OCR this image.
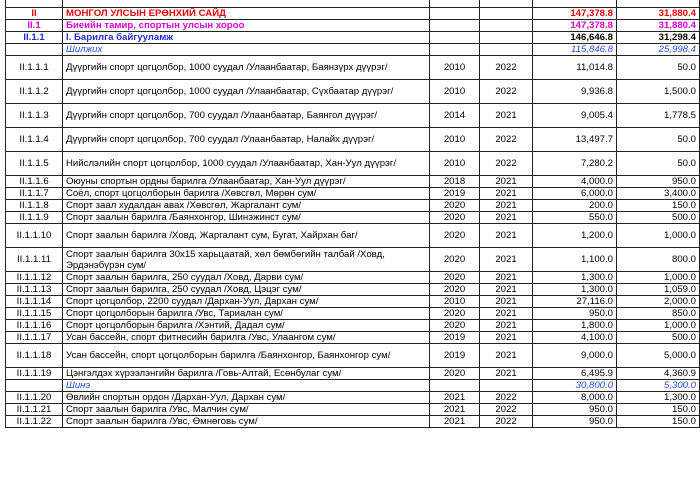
II	МОНГОЛ УЛСЫН ЕРӨНХИЙ САЙД			147,378.8	31,880.4
II.1	Биеийн тамир, спортын улсын хороо			147,378.8	31,880.4
II.1.1	I. Барилга байгууламж			146,646.8	31,298.4
	Шилжих			115,846.8	25,998.4
II.1.1.1	Дүүргийн спорт цогцолбор, 1000 суудал /Улаанбаатар, Баянзүрх дүүрэг/	2010	2022	11,014.8	50.0
II.1.1.2	Дүүргийн спорт цогцолбор, 1000 суудал /Улаанбаатар, Сүхбаатар дүүрэг/	2010	2022	9,936.8	1,500.0
II.1.1.3	Дүүргийн спорт цогцолбор, 700 суудал /Улаанбаатар, Баянгол дүүрэг/	2014	2021	9,005.4	1,778.5
II.1.1.4	Дүүргийн спорт цогцолбор, 700 суудал /Улаанбаатар, Налайх дүүрэг/	2010	2022	13,497.7	50.0
II.1.1.5	Нийслэлийн спорт цогцолбор, 1000 суудал /Улаанбаатар, Хан-Уул дүүрэг/	2010	2022	7,280.2	50.0
II.1.1.6	Оюуны спортын ордны барилга /Улаанбаатар, Хан-Уул дүүрэг/	2018	2021	4,000.0	950.0
II.1.1.7	Соёл, спорт цогцолборын барилга /Хөвсгөл, Мөрөн сум/	2019	2021	6,000.0	3,400.0
II.1.1.8	Спорт заал худалдан авах /Хөвсгөл, Жаргалант сум/	2020	2021	200.0	150.0
II.1.1.9	Спорт заалын барилга /Баянхонгор, Шинэжинст сум/	2020	2021	550.0	500.0
II.1.1.10	Спорт заалын барилга /Ховд, Жаргалант сум, Бугат, Хайрхан баг/	2020	2021	1,200.0	1,000.0
II.1.1.11	Спорт заалын барилга 30х15 харьцаатай, хөл бөмбөгийн талбай /Ховд, Эрдэнэбүрэн сум/	2020	2021	1,100.0	800.0
II.1.1.12	Спорт заалын барилга, 250 суудал /Ховд, Дарви сум/	2020	2021	1,300.0	1,000.0
II.1.1.13	Спорт заалын барилга, 250 суудал /Ховд, Цэцэг сум/	2020	2021	1,300.0	1,059.0
II.1.1.14	Спорт цогцолбор, 2200 суудал /Дархан-Уул, Дархан сум/	2010	2021	27,116.0	2,000.0
II.1.1.15	Спорт цогцолборын барилга /Увс, Тариалан сум/	2020	2021	950.0	850.0
II.1.1.16	Спорт цогцолборын барилга /Хэнтий, Дадал сум/	2020	2021	1,800.0	1,000.0
II.1.1.17	Усан бассейн, спорт фитнесийн барилга /Увс, Улаангом сум/	2019	2021	4,100.0	500.0
II.1.1.18	Усан бассейн, спорт цогцолборын барилга /Баянхонгор, Баянхонгор сум/	2019	2021	9,000.0	5,000.0
II.1.1.19	Цэнгэлдэх хүрээлэнгийн барилга /Говь-Алтай, Есөнбулаг сум/	2020	2021	6,495.9	4,360.9
	Шинэ			30,800.0	5,300.0
II.1.1.20	Өвлийн спортын ордон /Дархан-Уул, Дархан сум/	2021	2022	8,000.0	1,300.0
II.1.1.21	Спорт заалын барилга /Увс, Малчин сум/	2021	2022	950.0	150.0
II.1.1.22	Спорт заалын барилга /Увс, Өмнөговь сум/	2021	2022	950.0	150.0
